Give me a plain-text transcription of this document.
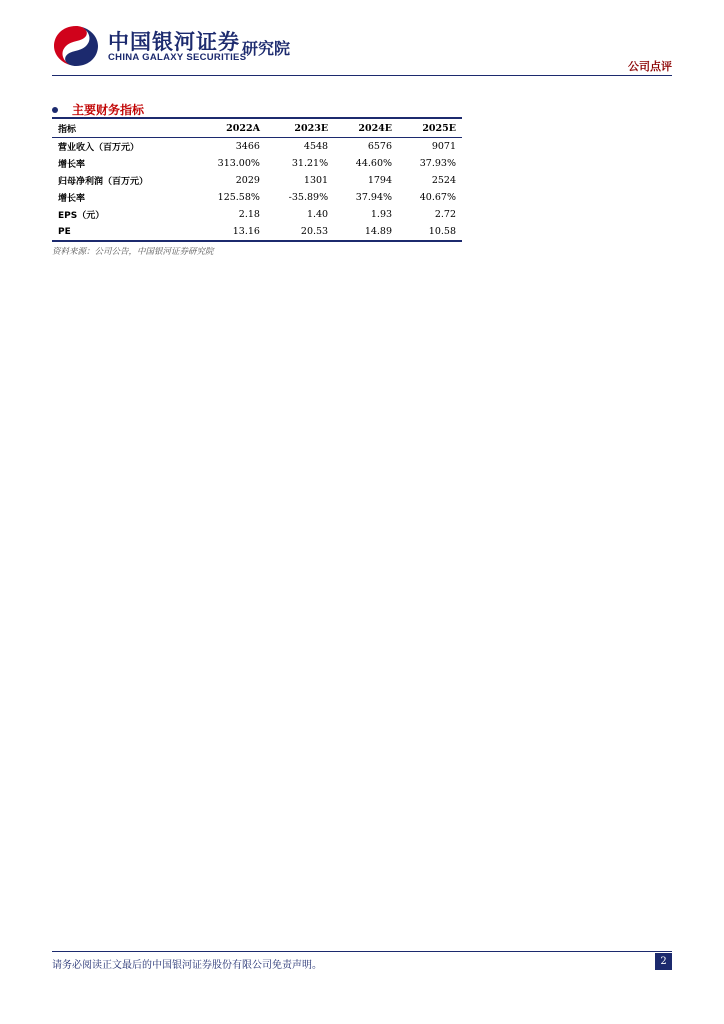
中国银河证券
CHINA GALAXY SECURITIES
研究院
公司点评
主要财务指标
指标	2022A	2023E	2024E	2025E
营业收入（百万元）	3466	4548	6576	9071
增长率	313.00%	31.21%	44.60%	37.93%
归母净利润（百万元）	2029	1301	1794	2524
增长率	125.58%	-35.89%	37.94%	40.67%
EPS（元）	2.18	1.40	1.93	2.72
PE	13.16	20.53	14.89	10.58
资料来源：公司公告，中国银河证券研究院
请务必阅读正文最后的中国银河证券股份有限公司免责声明。	2
